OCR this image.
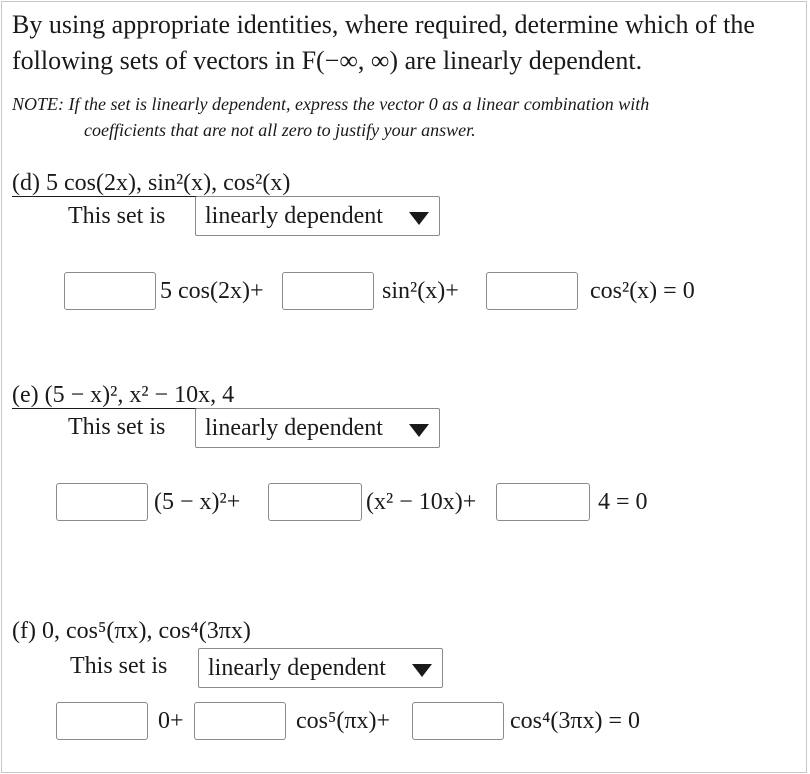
By using appropriate identities, where required, determine which of the
following sets of vectors in F(−∞, ∞) are linearly dependent.
NOTE: If the set is linearly dependent, express the vector 0 as a linear combination with
coefficients that are not all zero to justify your answer.
(d) 5 cos(2x), sin²(x), cos²(x)
This set is	linearly dependent
5 cos(2x)+	sin²(x)+	cos²(x) = 0
(e) (5 − x)², x² − 10x, 4
This set is	linearly dependent
(5 − x)²+	(x² − 10x)+	4 = 0
(f) 0, cos⁵(πx), cos⁴(3πx)
This set is	linearly dependent
0+	cos⁵(πx)+	cos⁴(3πx) = 0
